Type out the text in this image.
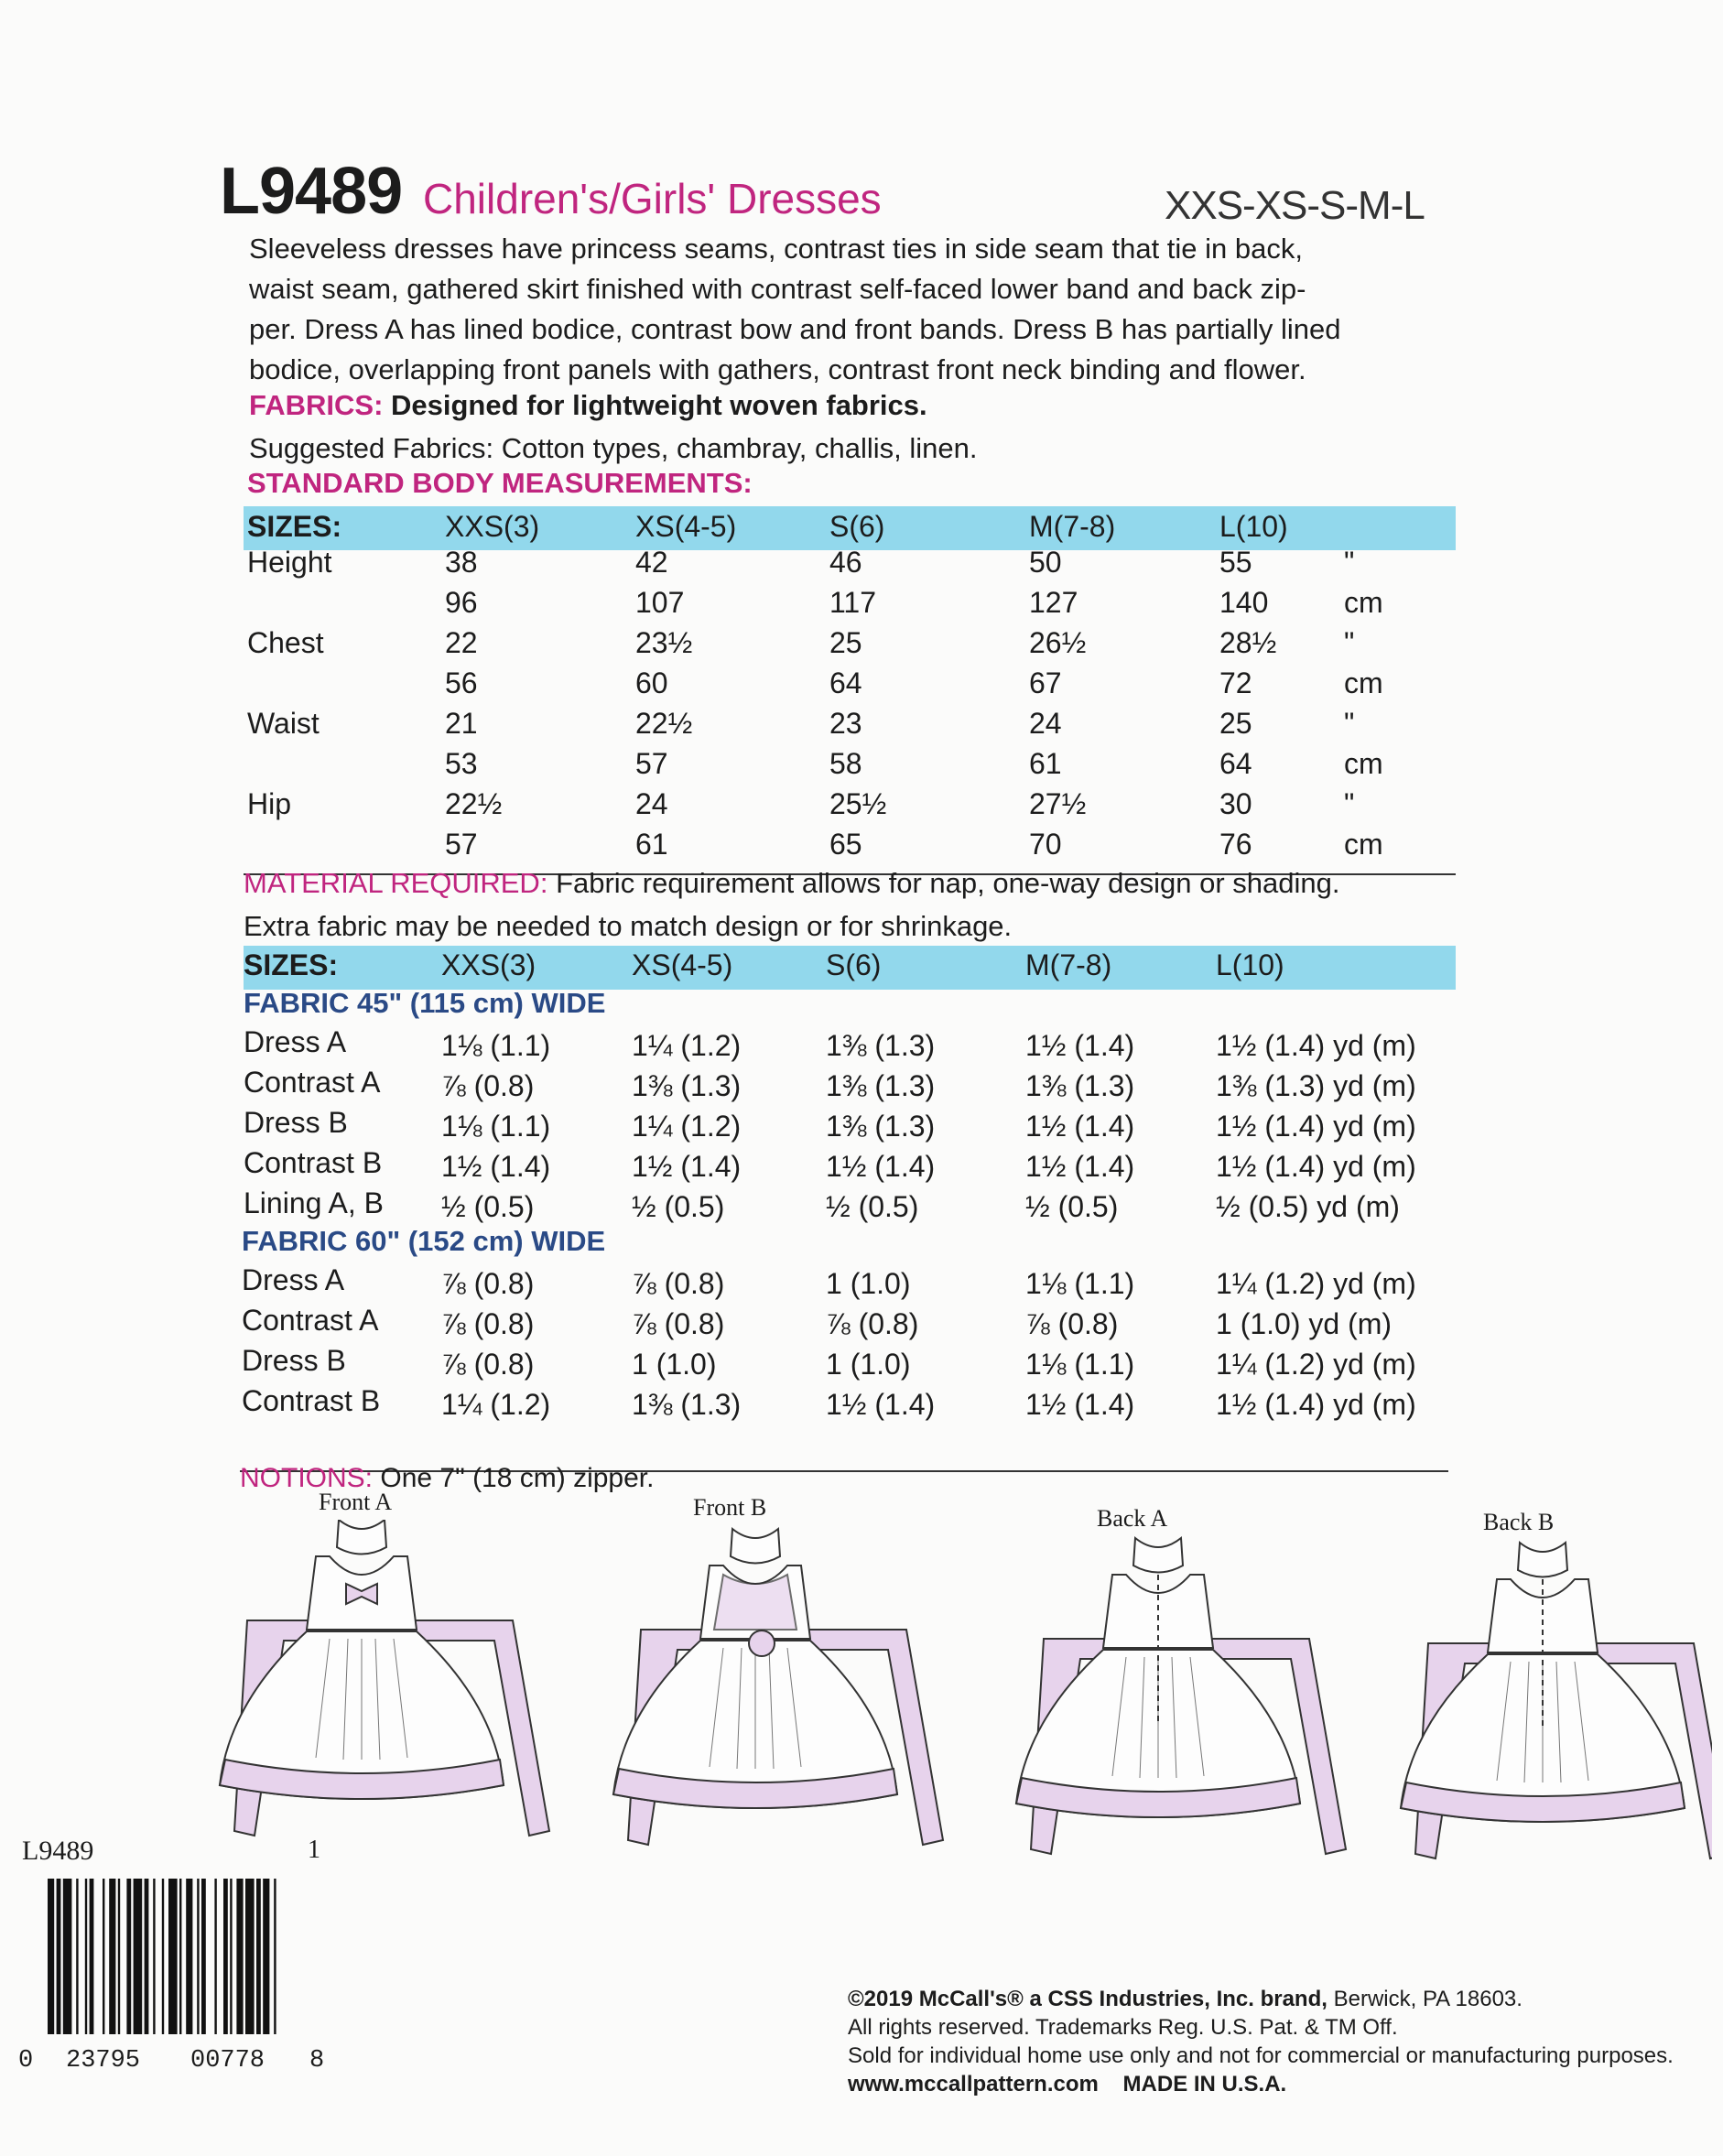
L9489 Children's/Girls' Dresses	XXS-XS-S-M-L
Sleeveless dresses have princess seams, contrast ties in side seam that tie in back,
waist seam, gathered skirt finished with contrast self-faced lower band and back zip-
per. Dress A has lined bodice, contrast bow and front bands. Dress B has partially lined
bodice, overlapping front panels with gathers, contrast front neck binding and flower.
FABRICS: Designed for lightweight woven fabrics.
Suggested Fabrics: Cotton types, chambray, challis, linen.
STANDARD BODY MEASUREMENTS:
SIZES:	XXS(3)	XS(4-5)	S(6)	M(7-8)	L(10)
Height	38	42	46	50	55	"
96	107	117	127	140	cm
Chest	22	23½	25	26½	28½ "
56	60	64	67	72	cm
Waist	21	22½	23	24	25	"
53	57	58	61	64	cm
Hip	22½	24	25½	27½	30	"
57	61	65	70	76	cm
MATERIAL REQUIRED: Fabric requirement allows for nap, one-way design or shading.
Extra fabric may be needed to match design or for shrinkage.
SIZES:	XXS(3)	XS(4-5)	S(6)	M(7-8)	L(10)
FABRIC 45" (115 cm) WIDE
Dress A	1⅛ (1.1)	1¼ (1.2)	1⅜ (1.3)	1½ (1.4)	1½ (1.4) yd (m)
Contrast A ⅞ (0.8)	1⅜ (1.3)	1⅜ (1.3)	1⅜ (1.3)	1⅜ (1.3) yd (m)
Dress B	1⅛ (1.1)	1¼ (1.2)	1⅜ (1.3)	1½ (1.4)	1½ (1.4) yd (m)
Contrast B 1½ (1.4)	1½ (1.4)	1½ (1.4)	1½ (1.4)	1½ (1.4) yd (m)
Lining A, B ½ (0.5)	½ (0.5)	½ (0.5)	½ (0.5)	½ (0.5) yd (m)
FABRIC 60" (152 cm) WIDE
Dress A	⅞ (0.8)	⅞ (0.8)	1 (1.0)	1⅛ (1.1)	1¼ (1.2) yd (m)
Contrast A ⅞ (0.8)	⅞ (0.8)	⅞ (0.8)	⅞ (0.8)	1 (1.0) yd (m)
Dress B	⅞ (0.8)	1 (1.0)	1 (1.0)	1⅛ (1.1)	1¼ (1.2) yd (m)
Contrast B 1¼ (1.2)	1⅜ (1.3)	1½ (1.4)	1½ (1.4)	1½ (1.4) yd (m)
NOTIONS: One 7" (18 cm) zipper.
Front A	Front B	Back A	Back B
L9489	1
0 23795 00778 8
©2019 McCall's® a CSS Industries, Inc. brand, Berwick, PA 18603.
All rights reserved. Trademarks Reg. U.S. Pat. & TM Off.
Sold for individual home use only and not for commercial or manufacturing purposes.
www.mccallpattern.com MADE IN U.S.A.
